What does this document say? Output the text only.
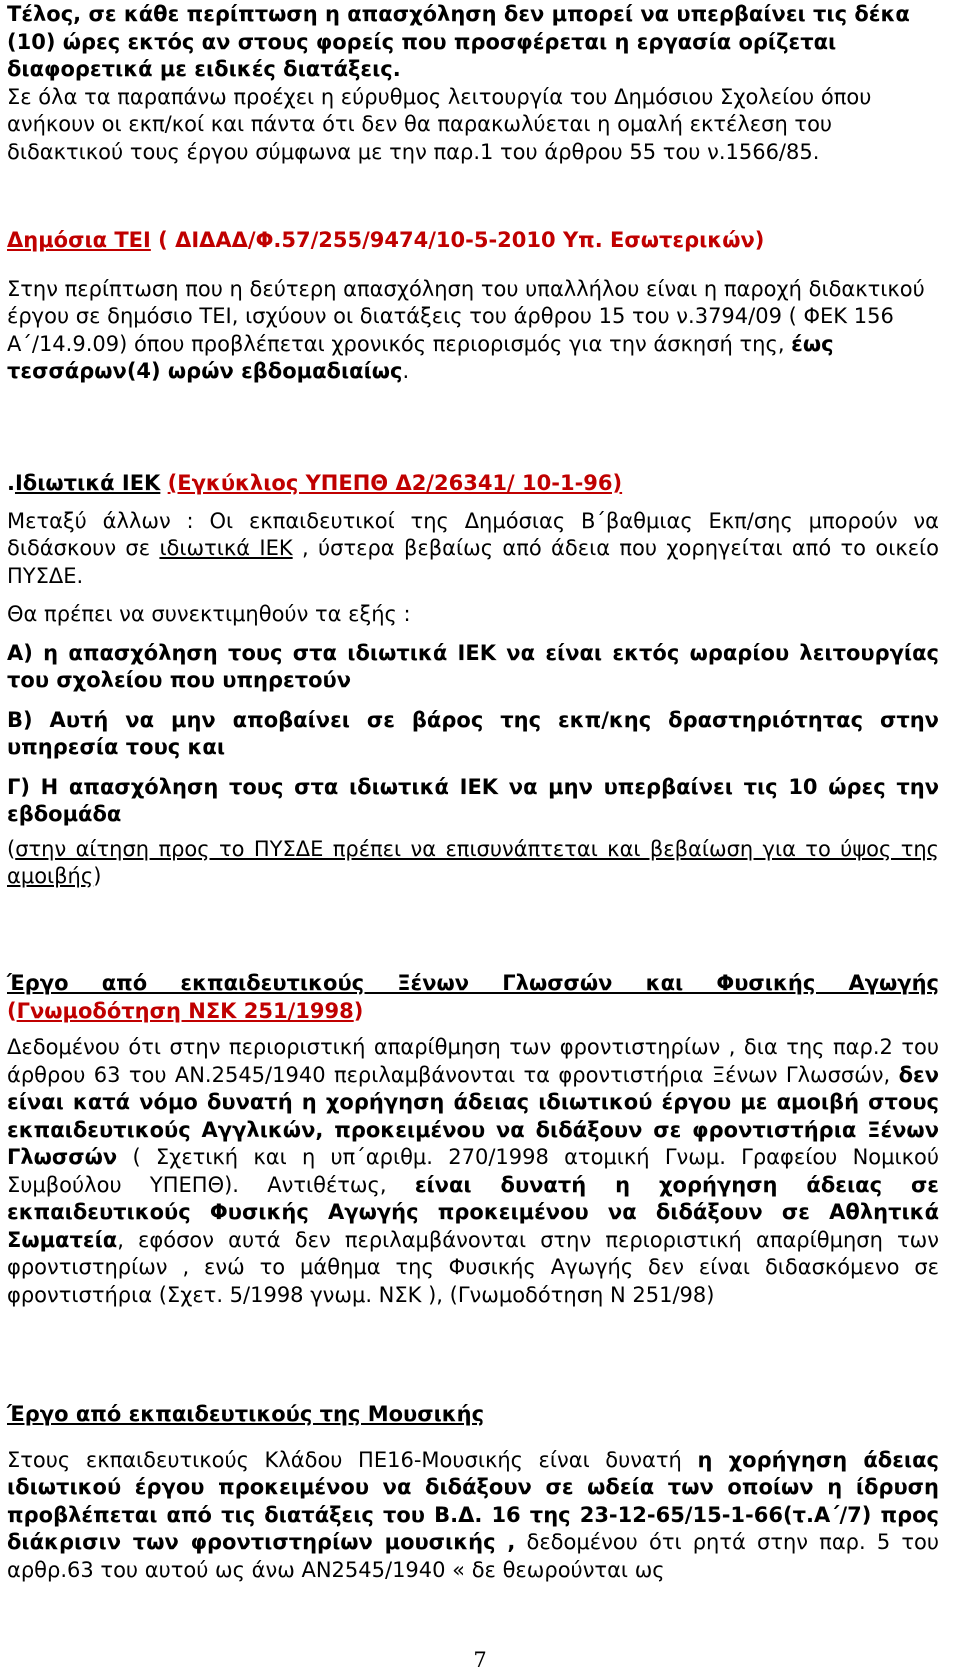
Τέλος, σε κάθε περίπτωση η απασχόληση δεν μπορεί να υπερβαίνει τις δέκα (10) ώρες εκτός αν στους φορείς που προσφέρεται η εργασία ορίζεται διαφορετικά με ειδικές διατάξεις.
Σε όλα τα παραπάνω προέχει η εύρυθμος λειτουργία του Δημόσιου Σχολείου όπου ανήκουν οι εκπ/κοί και πάντα ότι δεν θα παρακωλύεται η ομαλή εκτέλεση του διδακτικού τους έργου σύμφωνα με την παρ.1 του άρθρου 55 του ν.1566/85.
Δημόσια ΤΕΙ ( ΔΙΔΑΔ/Φ.57/255/9474/10-5-2010 Υπ. Εσωτερικών)
Στην περίπτωση που η δεύτερη απασχόληση του υπαλλήλου είναι η παροχή διδακτικού έργου σε δημόσιο ΤΕΙ, ισχύουν οι διατάξεις του άρθρου 15 του ν.3794/09 ( ΦΕΚ 156 Α΄/14.9.09) όπου προβλέπεται χρονικός περιορισμός για την άσκησή της, έως τεσσάρων(4) ωρών εβδομαδιαίως.
.Ιδιωτικά ΙΕΚ (Εγκύκλιος ΥΠΕΠΘ Δ2/26341/ 10-1-96)
Μεταξύ άλλων : Οι εκπαιδευτικοί της Δημόσιας Β΄βαθμιας Εκπ/σης μπορούν να διδάσκουν σε ιδιωτικά ΙΕΚ , ύστερα βεβαίως από άδεια που χορηγείται από το οικείο ΠΥΣΔΕ.
Θα πρέπει να συνεκτιμηθούν τα εξής :
Α) η απασχόληση τους στα ιδιωτικά ΙΕΚ να είναι εκτός ωραρίου λειτουργίας του σχολείου που υπηρετούν
Β) Αυτή να μην αποβαίνει σε βάρος της εκπ/κης δραστηριότητας στην υπηρεσία τους και
Γ) Η απασχόληση τους στα ιδιωτικά ΙΕΚ να μην υπερβαίνει τις 10 ώρες την εβδομάδα
(στην αίτηση προς το ΠΥΣΔΕ πρέπει να επισυνάπτεται και βεβαίωση για το ύψος της αμοιβής)
Έργο από εκπαιδευτικούς Ξένων Γλωσσών και Φυσικής Αγωγής
(Γνωμοδότηση ΝΣΚ 251/1998)
Δεδομένου ότι στην περιοριστική απαρίθμηση των φροντιστηρίων , δια της παρ.2 του άρθρου 63 του ΑΝ.2545/1940 περιλαμβάνονται τα φροντιστήρια Ξένων Γλωσσών, δεν είναι κατά νόμο δυνατή η χορήγηση άδειας ιδιωτικού έργου με αμοιβή στους εκπαιδευτικούς Αγγλικών, προκειμένου να διδάξουν σε φροντιστήρια Ξένων Γλωσσών ( Σχετική και η υπ΄αριθμ. 270/1998 ατομική Γνωμ. Γραφείου Νομικού Συμβούλου ΥΠΕΠΘ). Αντιθέτως, είναι δυνατή η χορήγηση άδειας σε εκπαιδευτικούς Φυσικής Αγωγής προκειμένου να διδάξουν σε Αθλητικά Σωματεία, εφόσον αυτά δεν περιλαμβάνονται στην περιοριστική απαρίθμηση των φροντιστηρίων , ενώ το μάθημα της Φυσικής Αγωγής δεν είναι διδασκόμενο σε φροντιστήρια (Σχετ. 5/1998 γνωμ. ΝΣΚ ), (Γνωμοδότηση Ν 251/98)
Έργο από εκπαιδευτικούς της Μουσικής
Στους εκπαιδευτικούς Κλάδου ΠΕ16-Μουσικής είναι δυνατή η χορήγηση άδειας ιδιωτικού έργου προκειμένου να διδάξουν σε ωδεία των οποίων η ίδρυση προβλέπεται από τις διατάξεις του Β.Δ. 16 της 23-12-65/15-1-66(τ.Α΄/7) προς διάκρισιν των φροντιστηρίων μουσικής , δεδομένου ότι ρητά στην παρ. 5 του αρθρ.63 του αυτού ως άνω ΑΝ2545/1940 « δε θεωρούνται ως
7
